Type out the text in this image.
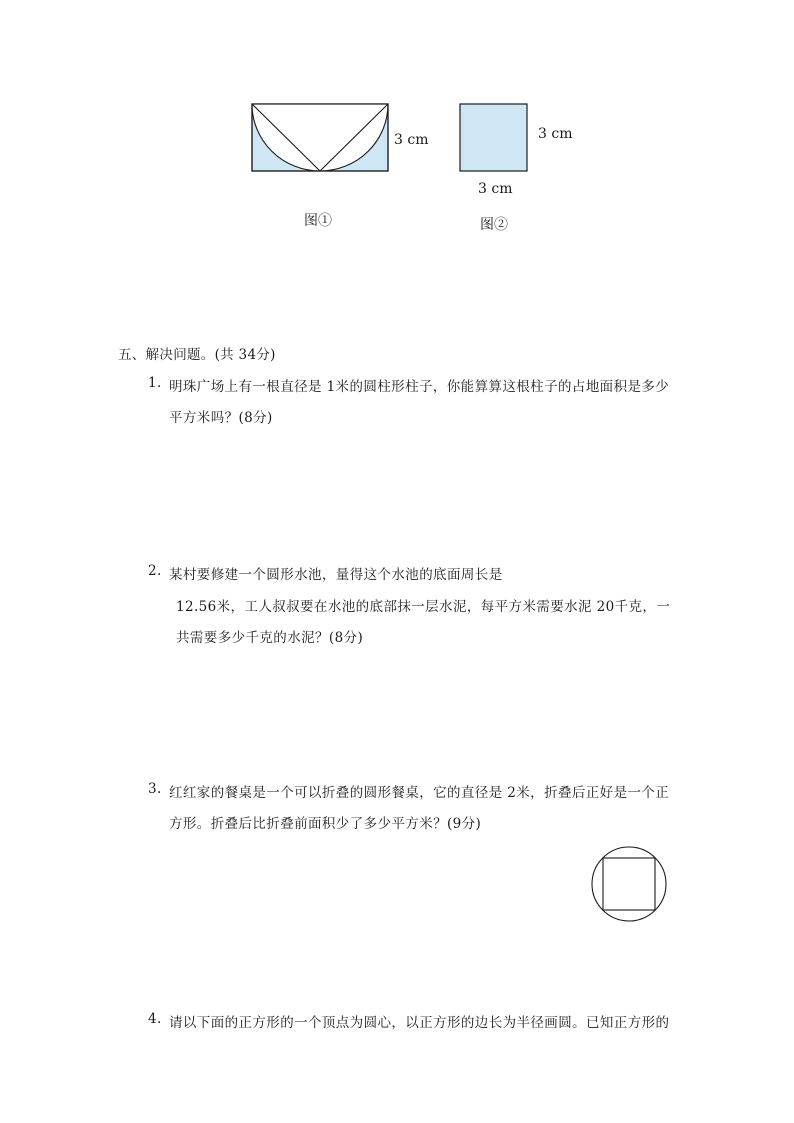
3 cm
图①
3 cm
3 cm
图②
五、解决问题。(共 34分)
1. 明珠广场上有一根直径是 1米的圆柱形柱子，你能算算这根柱子的占地面积是多少
平方米吗？(8分)
2. 某村要修建一个圆形水池，量得这个水池的底面周长是
12.56米，工人叔叔要在水池的底部抹一层水泥，每平方米需要水泥 20千克，一
共需要多少千克的水泥？(8分)
3. 红红家的餐桌是一个可以折叠的圆形餐桌，它的直径是 2米，折叠后正好是一个正
方形。折叠后比折叠前面积少了多少平方米？(9分)
4. 请以下面的正方形的一个顶点为圆心，以正方形的边长为半径画圆。已知正方形的
